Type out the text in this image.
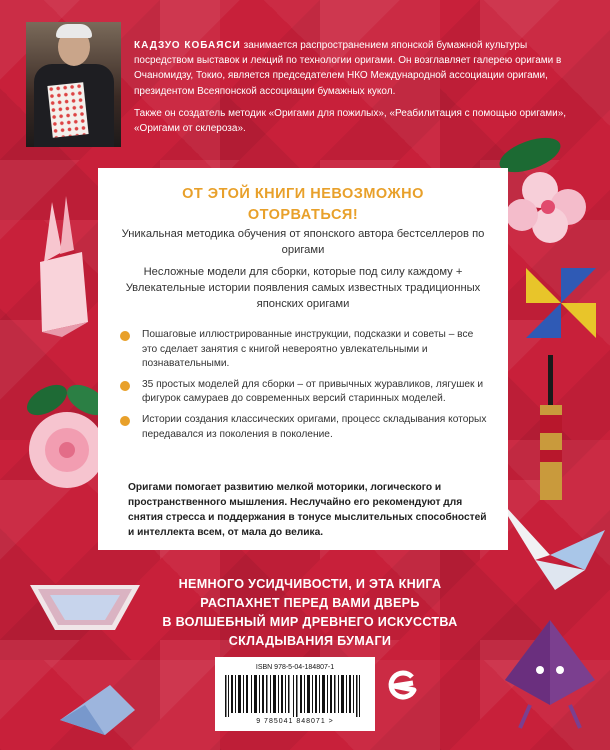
КАДЗУО КОБАЯСИ занимается распространением японской бумажной культуры посредством выставок и лекций по технологии оригами. Он возглавляет галерею оригами в Очаномидзу, Токио, является председателем НКО Международной ассоциации оригами, президентом Всеяпонской ассоциации бумажных кукол.

Также он создатель методик «Оригами для пожилых», «Реабилитация с помощью оригами», «Оригами от склероза».

ОТ ЭТОЙ КНИГИ НЕВОЗМОЖНО
ОТОРВАТЬСЯ!

Уникальная методика обучения от японского автора бестселлеров по оригами

Несложные модели для сборки, которые под силу каждому + Увлекательные истории появления самых известных традиционных японских оригами

Пошаговые иллюстрированные инструкции, подсказки и советы – все это сделает занятия с книгой невероятно увлекательными и познавательными.
35 простых моделей для сборки – от привычных журавликов, лягушек и фигурок самураев до современных версий старинных моделей.
Истории создания классических оригами, процесс складывания которых передавался из поколения в поколение.
Оригами помогает развитию мелкой моторики, логического и пространственного мышления. Неслучайно его рекомендуют для снятия стресса и поддержания в тонусе мыслительных способностей и интеллекта всем, от мала до велика.
НЕМНОГО УСИДЧИВОСТИ, И ЭТА КНИГА
РАСПАХНЕТ ПЕРЕД ВАМИ ДВЕРЬ
В ВОЛШЕБНЫЙ МИР ДРЕВНЕГО ИСКУССТВА
СКЛАДЫВАНИЯ БУМАГИ
ISBN 978-5-04-184807-1
9 785041 848071 >
